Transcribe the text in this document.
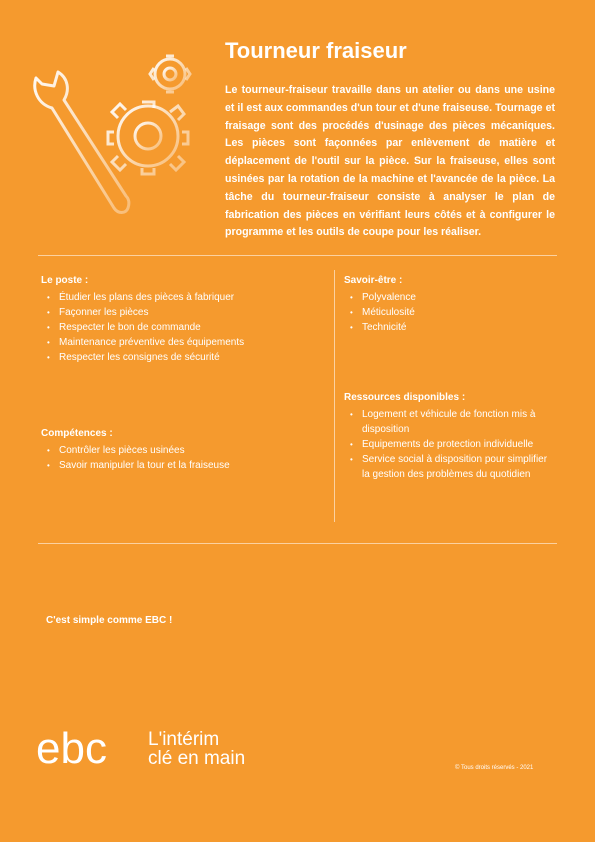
Tourneur fraiseur

Le tourneur-fraiseur travaille dans un atelier ou dans une usine et il est aux commandes d'un tour et d'une fraiseuse. Tournage et fraisage sont des procédés d'usinage des pièces mécaniques. Les pièces sont façonnées par enlèvement de matière et déplacement de l'outil sur la pièce. Sur la fraiseuse, elles sont usinées par la rotation de la machine et l'avancée de la pièce. La tâche du tourneur-fraiseur consiste à analyser le plan de fabrication des pièces en vérifiant leurs côtés et à configurer le programme et les outils de coupe pour les réaliser.

Le poste :
• Étudier les plans des pièces à fabriquer
• Façonner les pièces
• Respecter le bon de commande
• Maintenance préventive des équipements
• Respecter les consignes de sécurité
Savoir-être :
• Polyvalence
• Méticulosité
• Technicité
Compétences :
• Contrôler les pièces usinées
• Savoir manipuler la tour et la fraiseuse
Ressources disponibles :
• Logement et véhicule de fonction mis à disposition
• Equipements de protection individuelle
• Service social à disposition pour simplifier la gestion des problèmes du quotidien
C'est simple comme EBC !
ebc L'intérim
clé en main	© Tous droits réservés - 2021
